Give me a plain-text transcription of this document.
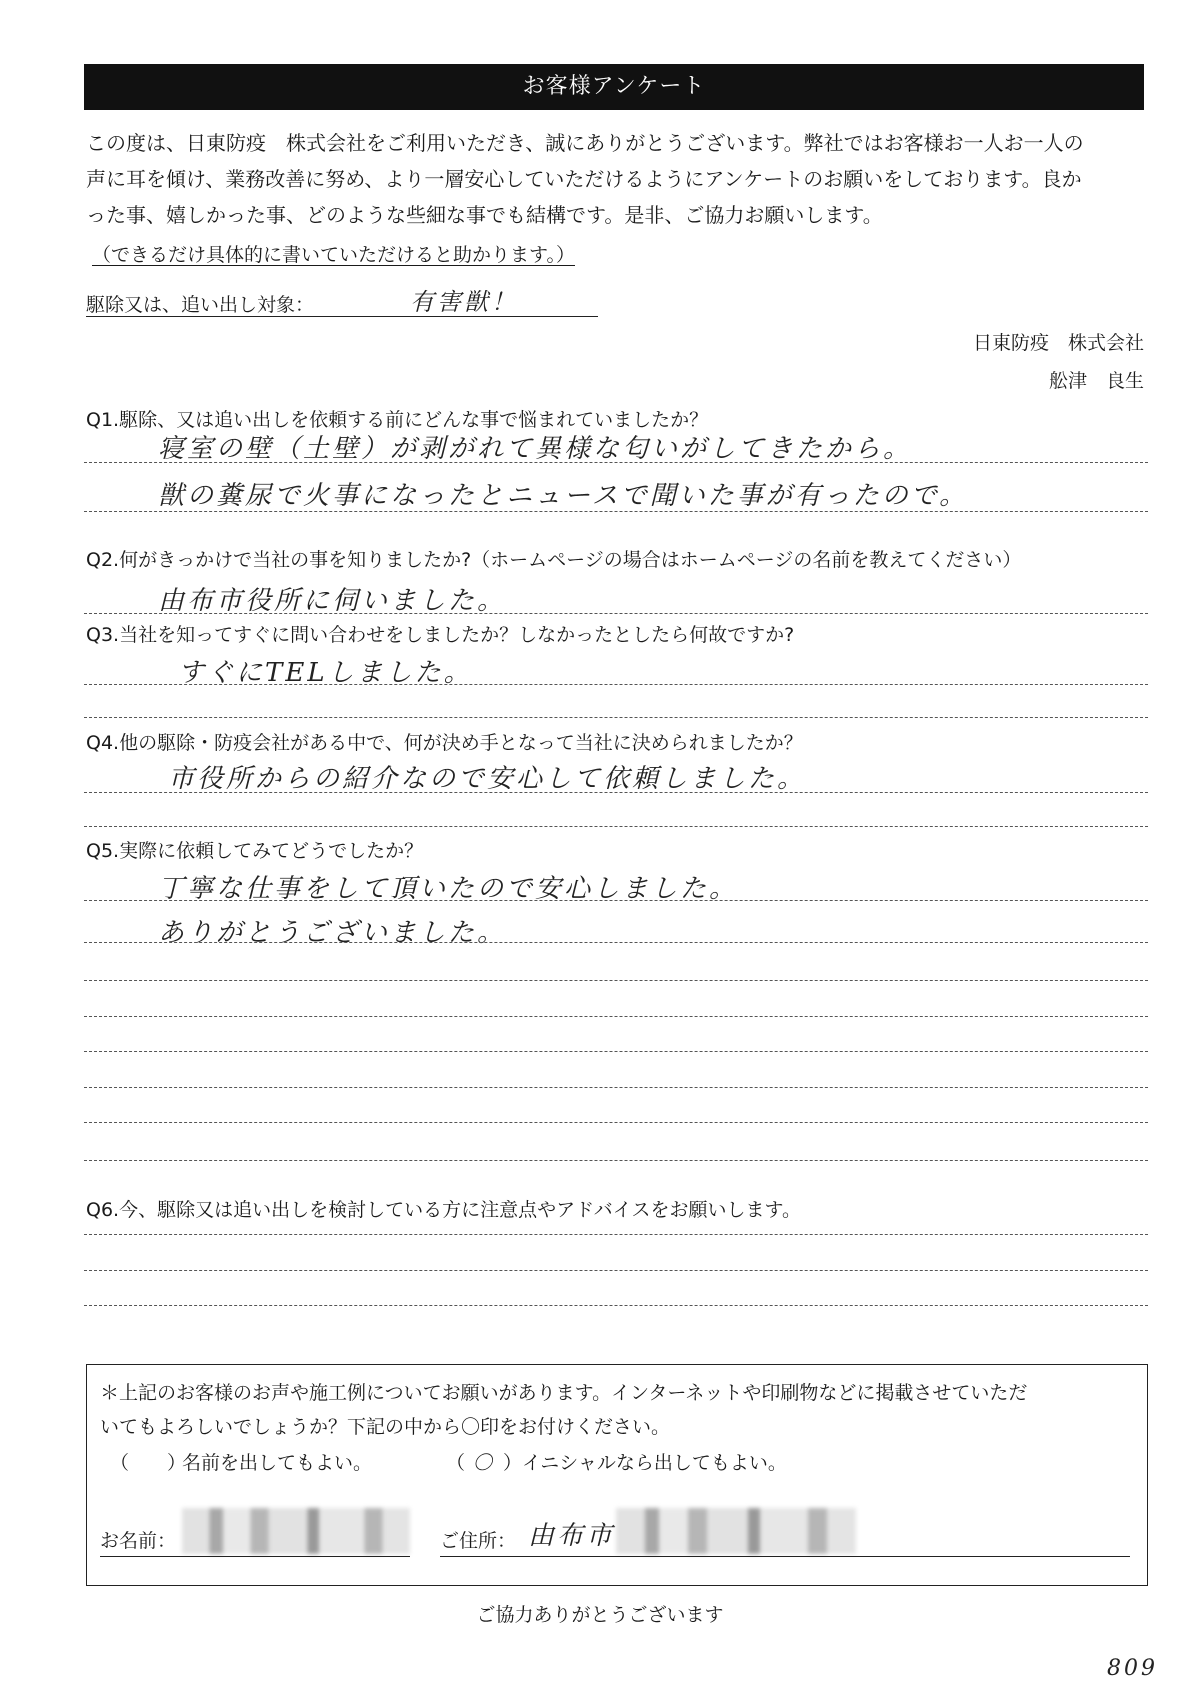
お客様アンケート
この度は、日東防疫　株式会社をご利用いただき、誠にありがとうございます。弊社ではお客様お一人お一人の
声に耳を傾け、業務改善に努め、より一層安心していただけるようにアンケートのお願いをしております。良か
った事、嬉しかった事、どのような些細な事でも結構です。是非、ご協力お願いします。
（できるだけ具体的に書いていただけると助かります。）
駆除又は、追い出し対象：	有害獣！
日東防疫　株式会社
舩津　良生
Q1.駆除、又は追い出しを依頼する前にどんな事で悩まれていましたか？
寝室の壁（土壁）が剥がれて異様な匂いがしてきたから。
獣の糞尿で火事になったとニュースで聞いた事が有ったので。
Q2.何がきっかけで当社の事を知りましたか?（ホームページの場合はホームページの名前を教えてください）
由布市役所に伺いました。
Q3.当社を知ってすぐに問い合わせをしましたか？しなかったとしたら何故ですか?
すぐにTELしました。
Q4.他の駆除・防疫会社がある中で、何が決め手となって当社に決められましたか？
市役所からの紹介なので安心して依頼しました。
Q5.実際に依頼してみてどうでしたか？
丁寧な仕事をして頂いたので安心しました。
ありがとうございました。
Q6.今、駆除又は追い出しを検討している方に注意点やアドバイスをお願いします。
＊上記のお客様のお声や施工例についてお願いがあります。インターネットや印刷物などに掲載させていただ
いてもよろしいでしょうか？下記の中から〇印をお付けください。
（ ）
名前を出してもよい。	（ 〇 ） イニシャルなら出してもよい。
お名前：	ご住所： 由布市
ご協力ありがとうございます
809
